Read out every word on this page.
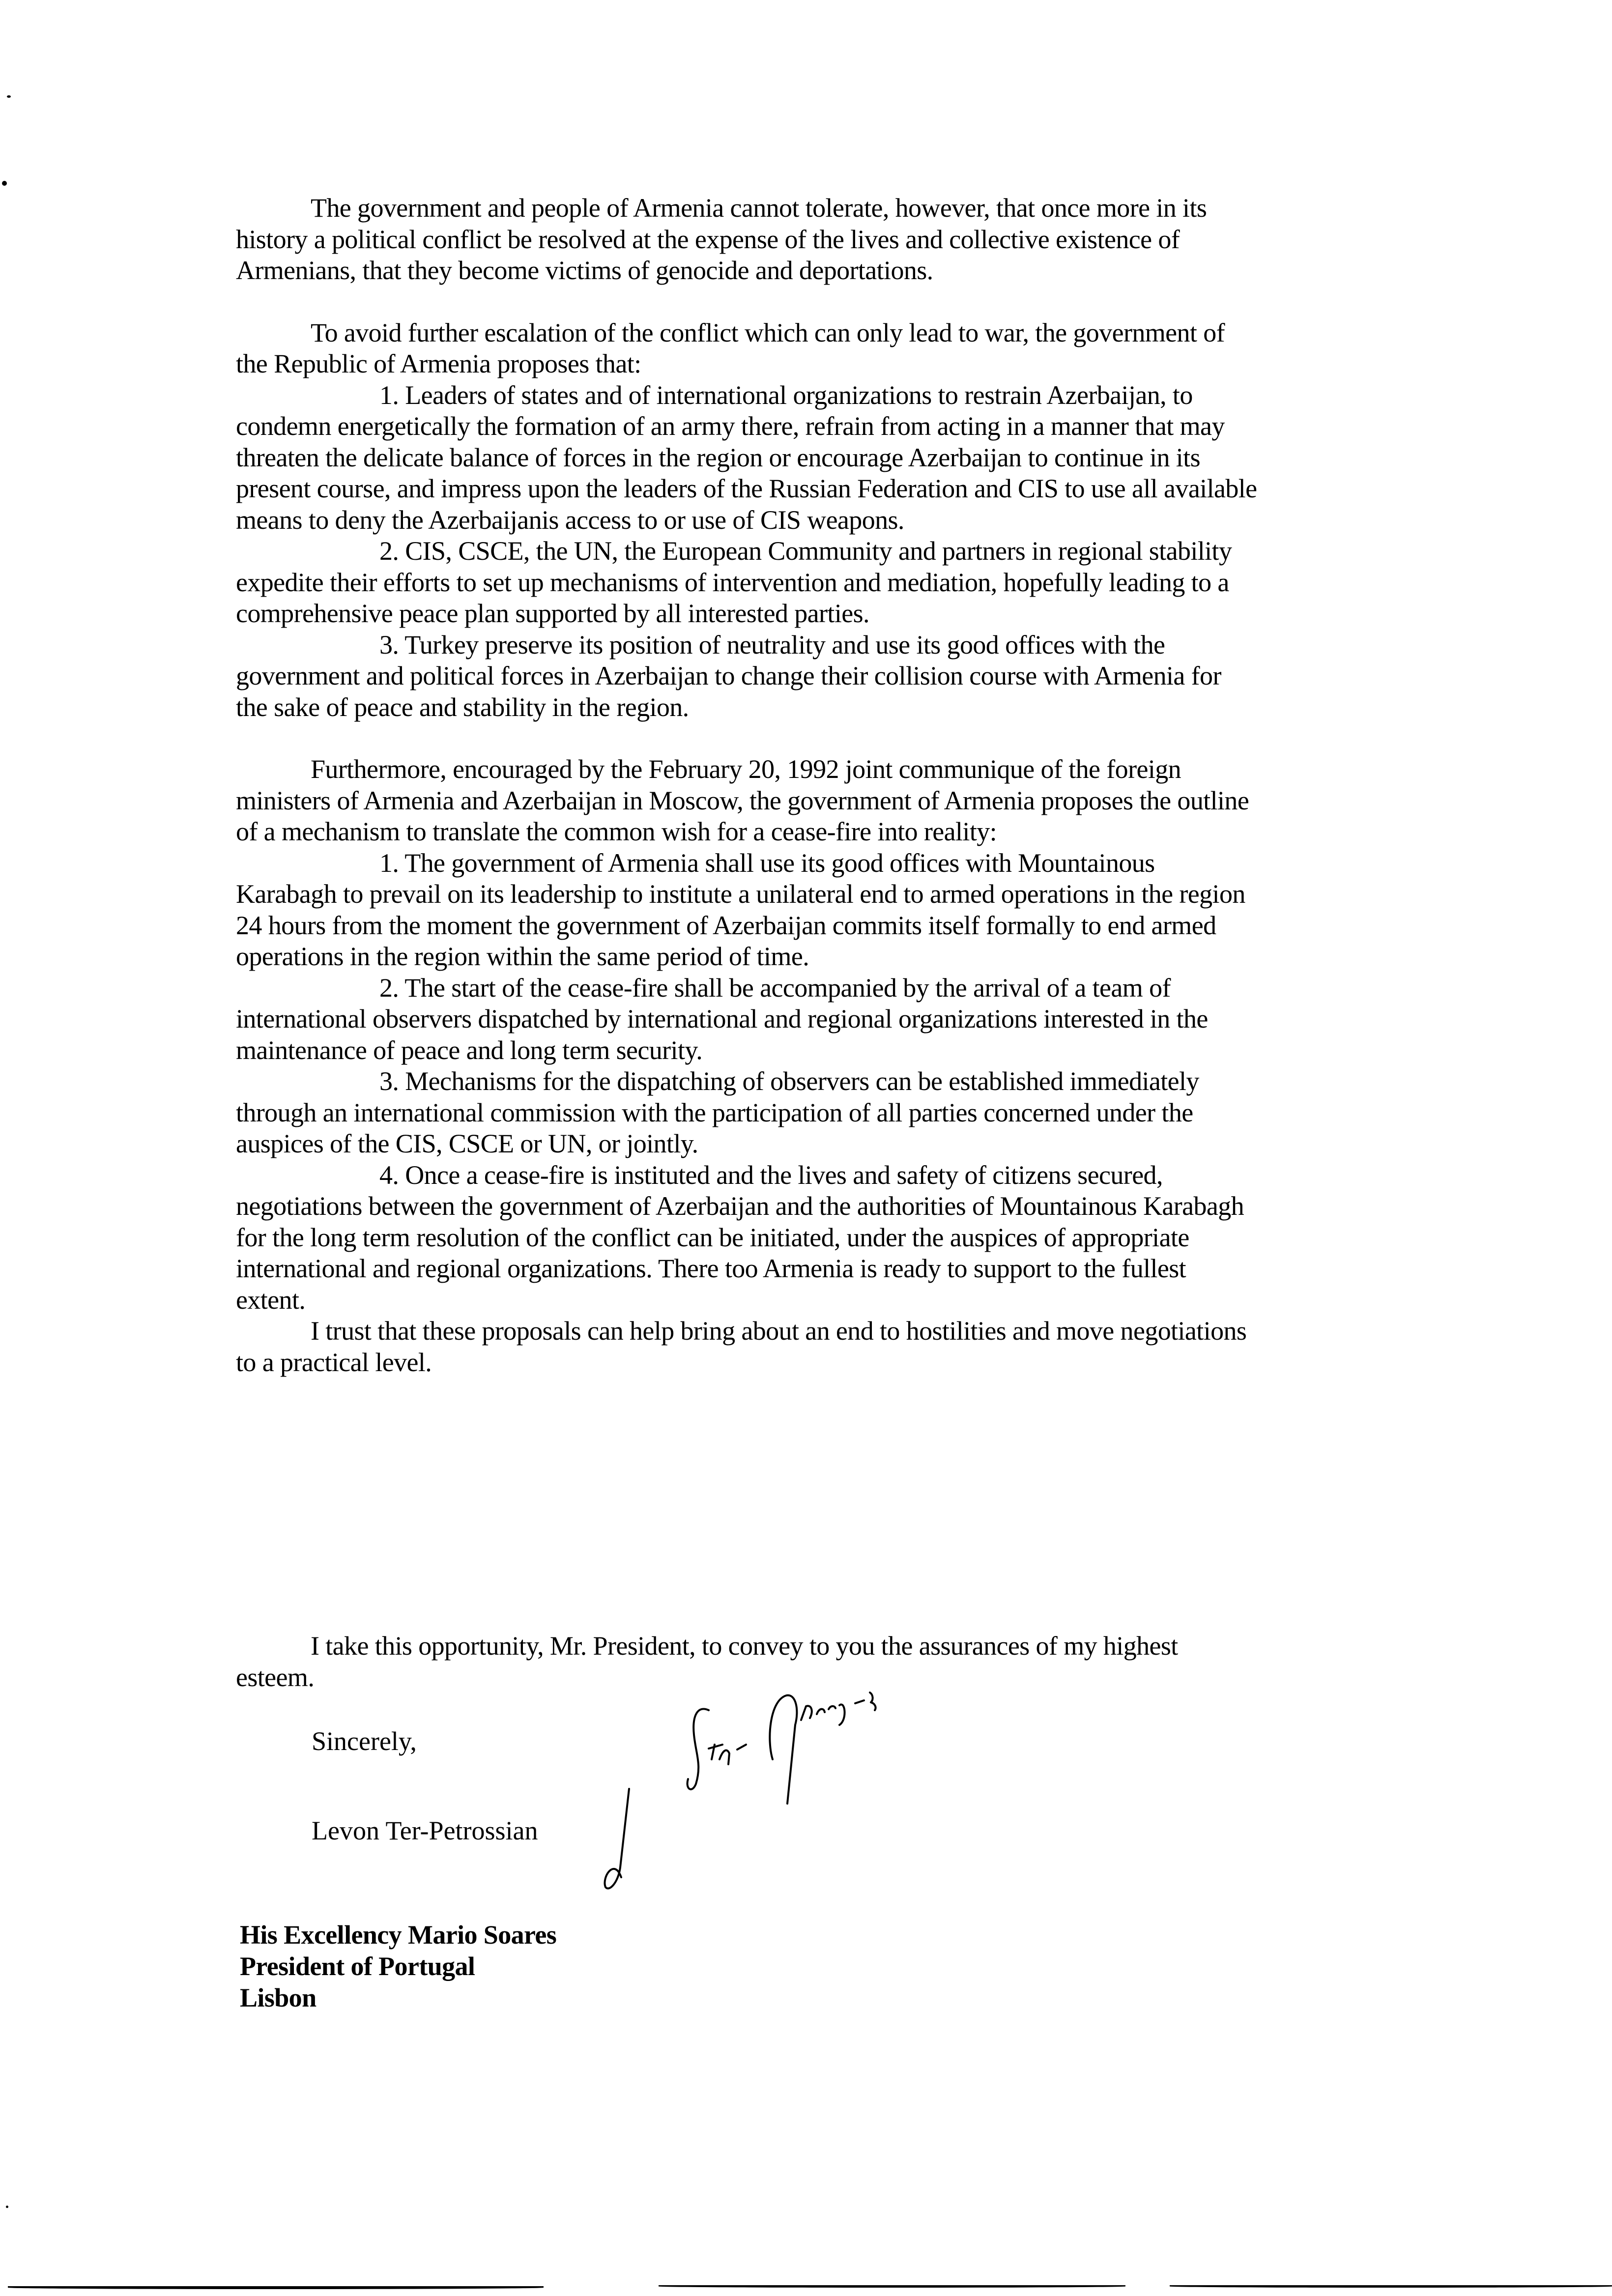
The government and people of Armenia cannot tolerate, however, that once more in its history a political conflict be resolved at the expense of the lives and collective existence of Armenians, that they become victims of genocide and deportations.

To avoid further escalation of the conflict which can only lead to war, the government of the Republic of Armenia proposes that:

1. Leaders of states and of international organizations to restrain Azerbaijan, to condemn energetically the formation of an army there, refrain from acting in a manner that may threaten the delicate balance of forces in the region or encourage Azerbaijan to continue in its present course, and impress upon the leaders of the Russian Federation and CIS to use all available means to deny the Azerbaijanis access to or use of CIS weapons.

2. CIS, CSCE, the UN, the European Community and partners in regional stability expedite their efforts to set up mechanisms of intervention and mediation, hopefully leading to a comprehensive peace plan supported by all interested parties.

3. Turkey preserve its position of neutrality and use its good offices with the government and political forces in Azerbaijan to change their collision course with Armenia for the sake of peace and stability in the region.

Furthermore, encouraged by the February 20, 1992 joint communique of the foreign ministers of Armenia and Azerbaijan in Moscow, the government of Armenia proposes the outline of a mechanism to translate the common wish for a cease-fire into reality:

1. The government of Armenia shall use its good offices with Mountainous Karabagh to prevail on its leadership to institute a unilateral end to armed operations in the region 24 hours from the moment the government of Azerbaijan commits itself formally to end armed operations in the region within the same period of time.

2. The start of the cease-fire shall be accompanied by the arrival of a team of international observers dispatched by international and regional organizations interested in the maintenance of peace and long term security.

3. Mechanisms for the dispatching of observers can be established immediately through an international commission with the participation of all parties concerned under the auspices of the CIS, CSCE or UN, or jointly.

4. Once a cease-fire is instituted and the lives and safety of citizens secured, negotiations between the government of Azerbaijan and the authorities of Mountainous Karabagh for the long term resolution of the conflict can be initiated, under the auspices of appropriate international and regional organizations. There too Armenia is ready to support to the fullest extent.

I trust that these proposals can help bring about an end to hostilities and move negotiations to a practical level.

I take this opportunity, Mr. President, to convey to you the assurances of my highest esteem.

Sincerely,
Levon Ter-Petrossian
His Excellency Mario Soares
President of Portugal
Lisbon
